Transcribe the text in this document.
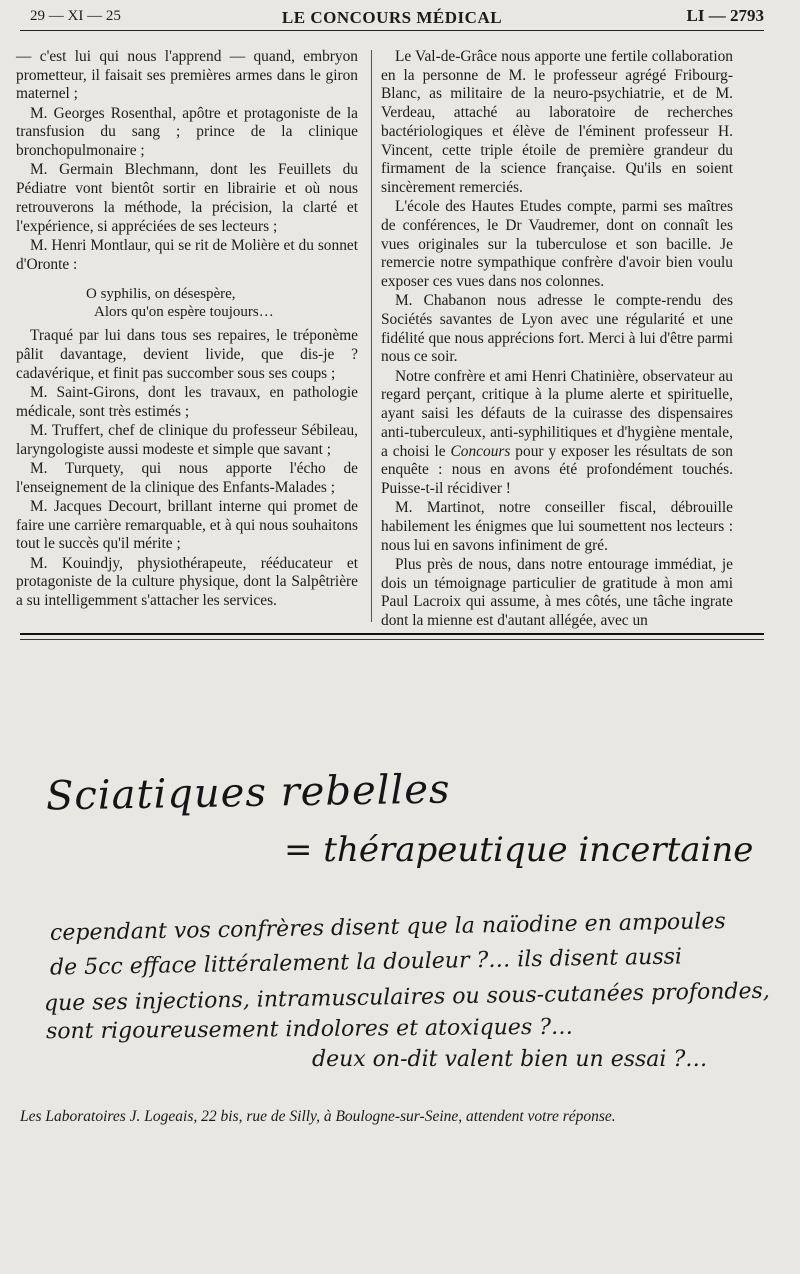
29 — XI — 25	LE CONCOURS MÉDICAL	LI — 2793

— c'est lui qui nous l'apprend — quand, embryon prometteur, il faisait ses premières armes dans le giron maternel ;

M. Georges Rosenthal, apôtre et protagoniste de la transfusion du sang ; prince de la clinique bronchopulmonaire ;

M. Germain Blechmann, dont les Feuillets du Pédiatre vont bientôt sortir en librairie et où nous retrouverons la méthode, la précision, la clarté et l'expérience, si appréciées de ses lecteurs ;

M. Henri Montlaur, qui se rit de Molière et du sonnet d'Oronte :

O syphilis, on désespère,
Alors qu'on espère toujours…

Traqué par lui dans tous ses repaires, le tréponème pâlit davantage, devient livide, que dis-je ? cadavérique, et finit pas succomber sous ses coups ;

M. Saint-Girons, dont les travaux, en pathologie médicale, sont très estimés ;

M. Truffert, chef de clinique du professeur Sébileau, laryngologiste aussi modeste et simple que savant ;

M. Turquety, qui nous apporte l'écho de l'enseignement de la clinique des Enfants-Malades ;

M. Jacques Decourt, brillant interne qui promet de faire une carrière remarquable, et à qui nous souhaitons tout le succès qu'il mérite ;

M. Kouindjy, physiothérapeute, rééducateur et protagoniste de la culture physique, dont la Salpêtrière a su intelligemment s'attacher les services.

Le Val-de-Grâce nous apporte une fertile collaboration en la personne de M. le professeur agrégé Fribourg-Blanc, as militaire de la neuro-psychiatrie, et de M. Verdeau, attaché au laboratoire de recherches bactériologiques et élève de l'éminent professeur H. Vincent, cette triple étoile de première grandeur du firmament de la science française. Qu'ils en soient sincèrement remerciés.

L'école des Hautes Etudes compte, parmi ses maîtres de conférences, le Dr Vaudremer, dont on connaît les vues originales sur la tuberculose et son bacille. Je remercie notre sympathique confrère d'avoir bien voulu exposer ces vues dans nos colonnes.

M. Chabanon nous adresse le compte-rendu des Sociétés savantes de Lyon avec une régularité et une fidélité que nous apprécions fort. Merci à lui d'être parmi nous ce soir.

Notre confrère et ami Henri Chatinière, observateur au regard perçant, critique à la plume alerte et spirituelle, ayant saisi les défauts de la cuirasse des dispensaires anti-tuberculeux, anti-syphilitiques et d'hygiène mentale, a choisi le Concours pour y exposer les résultats de son enquête : nous en avons été profondément touchés. Puisse-t-il récidiver !

M. Martinot, notre conseiller fiscal, débrouille habilement les énigmes que lui soumettent nos lecteurs : nous lui en savons infiniment de gré.

Plus près de nous, dans notre entourage immédiat, je dois un témoignage particulier de gratitude à mon ami Paul Lacroix qui assume, à mes côtés, une tâche ingrate dont la mienne est d'autant allégée, avec un

Sciatiques rebelles
= thérapeutique incertaine
cependant vos confrères disent que la naïodine en ampoules
de 5cc efface littéralement la douleur ?… ils disent aussi
que ses injections, intramusculaires ou sous-cutanées profondes,
sont rigoureusement indolores et atoxiques ?…
deux on-dit valent bien un essai ?…
Les Laboratoires J. Logeais, 22 bis, rue de Silly, à Boulogne-sur-Seine, attendent votre réponse.
